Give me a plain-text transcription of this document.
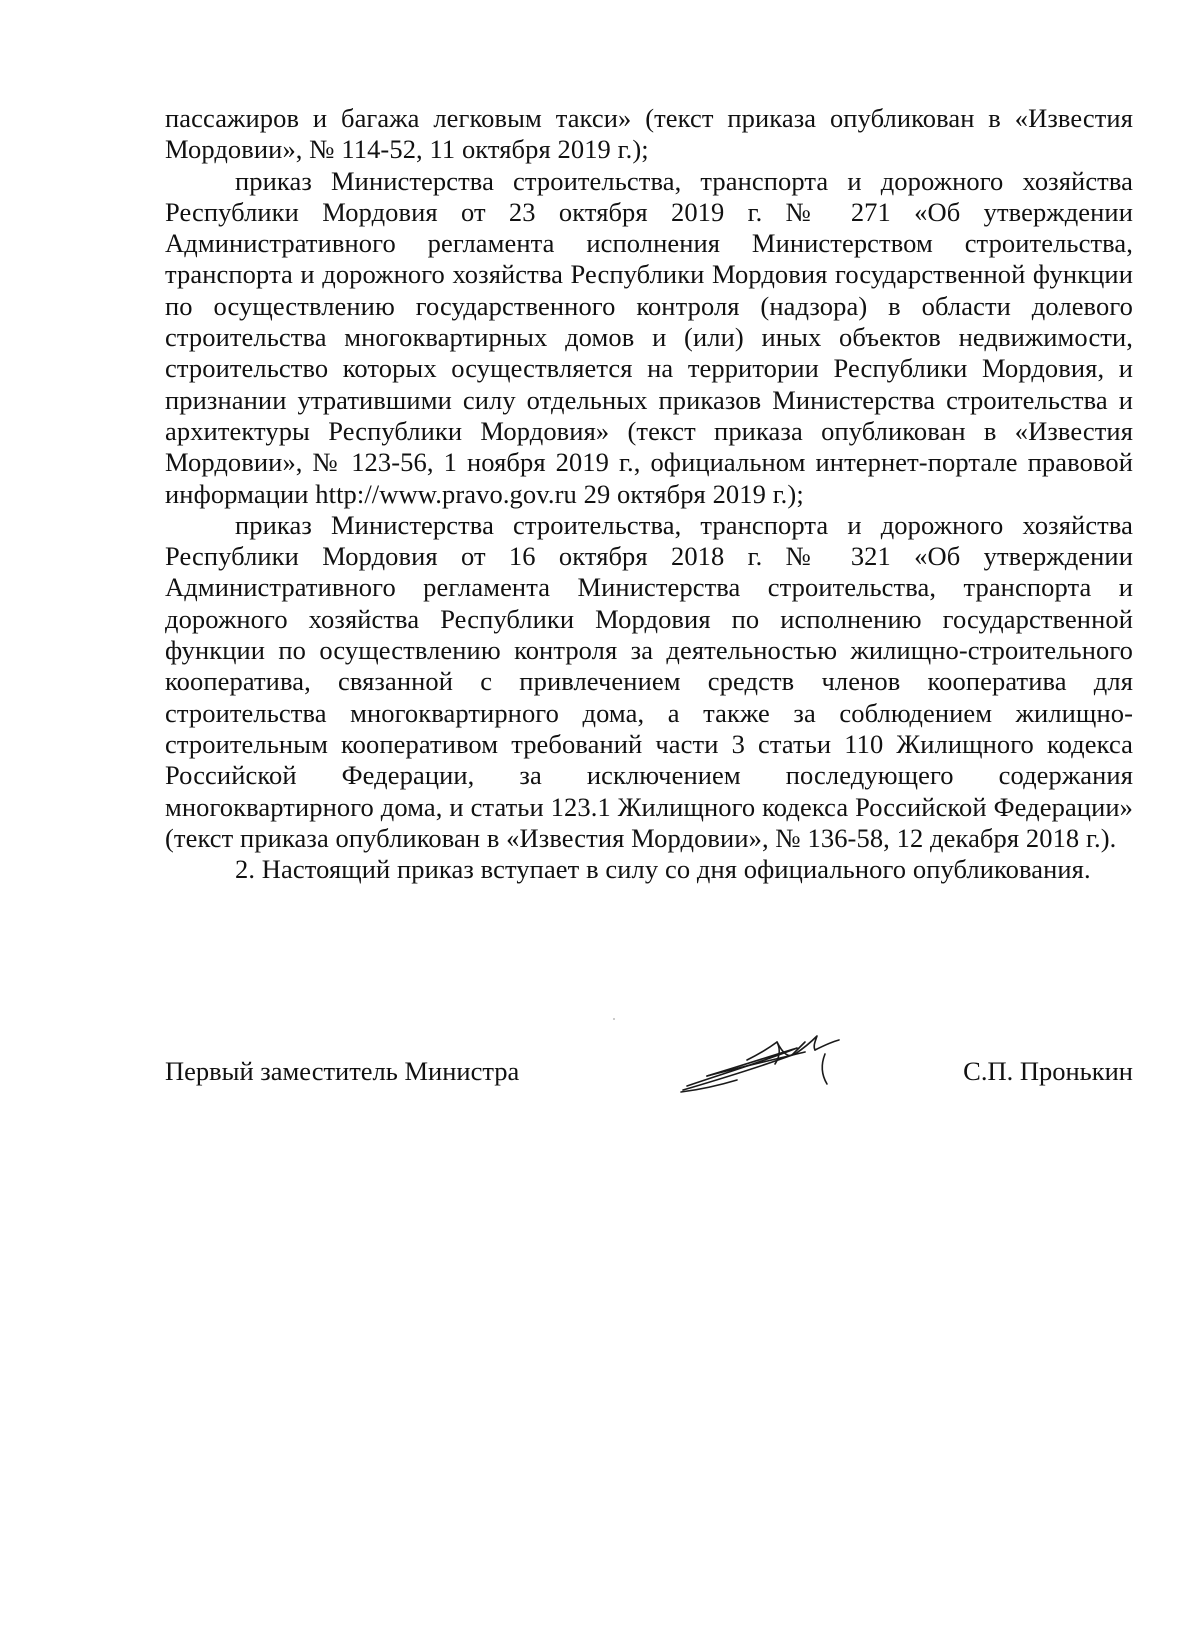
пассажиров и багажа легковым такси» (текст приказа опубликован в «Известия Мордовии», № 114-52, 11 октября 2019 г.);

приказ Министерства строительства, транспорта и дорожного хозяйства Республики Мордовия от 23 октября 2019 г. № 271 «Об утверждении Административного регламента исполнения Министерством строительства, транспорта и дорожного хозяйства Республики Мордовия государственной функции по осуществлению государственного контроля (надзора) в области долевого строительства многоквартирных домов и (или) иных объектов недвижимости, строительство которых осуществляется на территории Республики Мордовия, и признании утратившими силу отдельных приказов Министерства строительства и архитектуры Республики Мордовия» (текст приказа опубликован в «Известия Мордовии», № 123-56, 1 ноября 2019 г., официальном интернет-портале правовой информации http://www.pravo.gov.ru 29 октября 2019 г.);

приказ Министерства строительства, транспорта и дорожного хозяйства Республики Мордовия от 16 октября 2018 г. № 321 «Об утверждении Административного регламента Министерства строительства, транспорта и дорожного хозяйства Республики Мордовия по исполнению государственной функции по осуществлению контроля за деятельностью жилищно-строительного кооператива, связанной с привлечением средств членов кооператива для строительства многоквартирного дома, а также за соблюдением жилищно-строительным кооперативом требований части 3 статьи 110 Жилищного кодекса Российской Федерации, за исключением последующего содержания многоквартирного дома, и статьи 123.1 Жилищного кодекса Российской Федерации» (текст приказа опубликован в «Известия Мордовии», № 136-58, 12 декабря 2018 г.).

2. Настоящий приказ вступает в силу со дня официального опубликования.

Первый заместитель Министра	С.П. Пронькин
